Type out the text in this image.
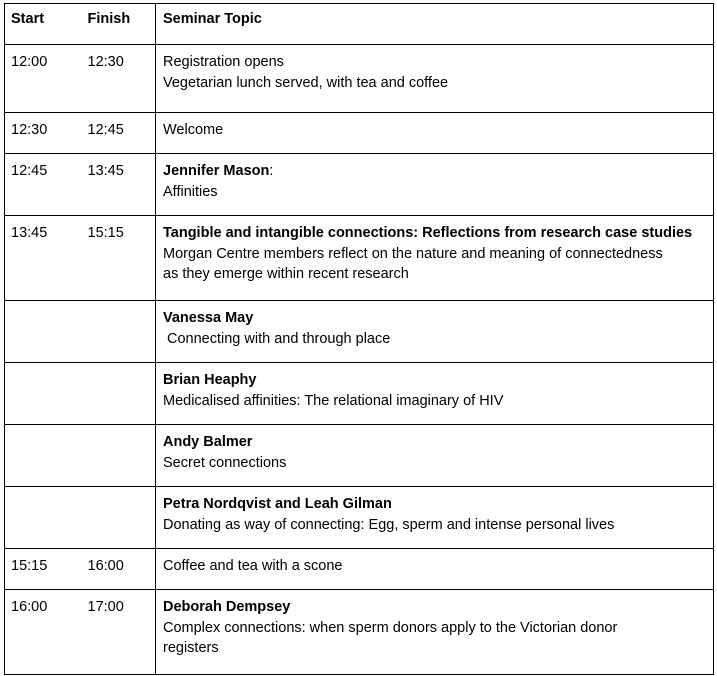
Start	Finish	Seminar Topic
12:00	12:30	Registration opens
Vegetarian lunch served, with tea and coffee

12:30	12:45	Welcome

12:45	13:45	Jennifer Mason:
Affinities

13:45	15:15	Tangible and intangible connections: Reflections from research case studies
Morgan Centre members reflect on the nature and meaning of connectedness
as they emerge within recent research

		Vanessa May
Connecting with and through place

		Brian Heaphy
Medicalised affinities: The relational imaginary of HIV

		Andy Balmer
Secret connections

		Petra Nordqvist and Leah Gilman
Donating as way of connecting: Egg, sperm and intense personal lives

15:15	16:00	Coffee and tea with a scone

16:00	17:00	Deborah Dempsey
Complex connections: when sperm donors apply to the Victorian donor
registers
